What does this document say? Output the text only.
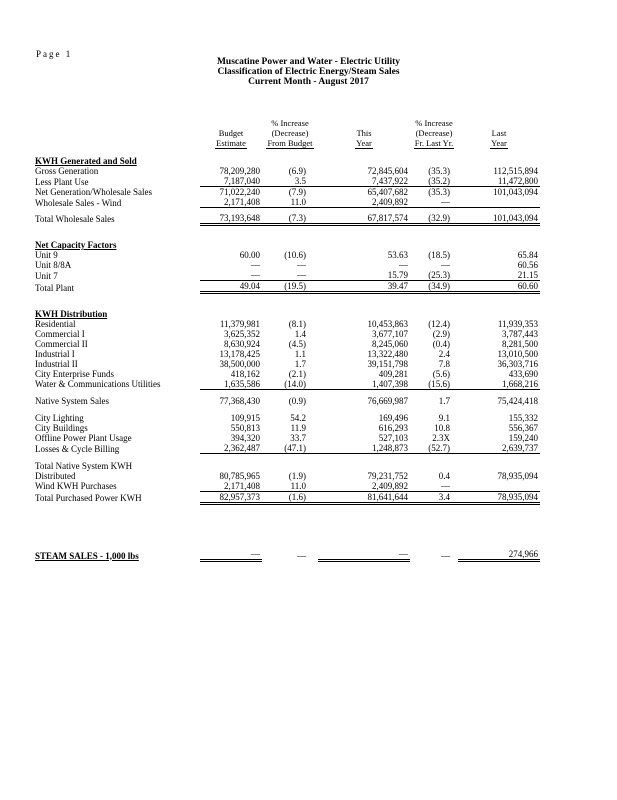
Page 1
Muscatine Power and Water - Electric Utility
Classification of Electric Energy/Steam Sales
Current Month - August 2017
		% Increase		% Increase	
	Budget	(Decrease)	This	(Decrease)	Last
	Estimate	From Budget	Year	Fr. Last Yr.	Year

KWH Generated and Sold					
Gross Generation	78,209,280	(6.9)	72,845,604	(35.3)	112,515,894
Less Plant Use	7,187,040	3.5	7,437,922	(35.2)	11,472,800
Net Generation/Wholesale Sales	71,022,240	(7.9)	65,407,682	(35.3)	101,043,094
Wholesale Sales - Wind	2,171,408	11.0	2,409,892	—	

Total Wholesale Sales	73,193,648	(7.3)	67,817,574	(32.9)	101,043,094

Net Capacity Factors					
Unit 9	60.00	(10.6)	53.63	(18.5)	65.84
Unit 8/8A	—	—	—	—	60.56
Unit 7	—	—	15.79	(25.3)	21.15
Total Plant	49.04	(19.5)	39.47	(34.9)	60.60

KWH Distribution					
Residential	11,379,981	(8.1)	10,453,863	(12.4)	11,939,353
Commercial I	3,625,352	1.4	3,677,107	(2.9)	3,787,443
Commercial II	8,630,924	(4.5)	8,245,060	(0.4)	8,281,500
Industrial I	13,178,425	1.1	13,322,480	2.4	13,010,500
Industrial II	38,500,000	1.7	39,151,798	7.8	36,303,716
City Enterprise Funds	418,162	(2.1)	409,281	(5.6)	433,690
Water & Communications Utilities	1,635,586	(14.0)	1,407,398	(15.6)	1,668,216

Native System Sales	77,368,430	(0.9)	76,669,987	1.7	75,424,418

City Lighting	109,915	54.2	169,496	9.1	155,332
City Buildings	550,813	11.9	616,293	10.8	556,367
Offline Power Plant Usage	394,320	33.7	527,103	2.3X	159,240
Losses & Cycle Billing	2,362,487	(47.1)	1,248,873	(52.7)	2,639,737

Total Native System KWH					
Distributed	80,785,965	(1.9)	79,231,752	0.4	78,935,094
Wind KWH Purchases	2,171,408	11.0	2,409,892	—	
Total Purchased Power KWH	82,957,373	(1.6)	81,641,644	3.4	78,935,094

STEAM SALES - 1,000 lbs	—	—	—	—	274,966
